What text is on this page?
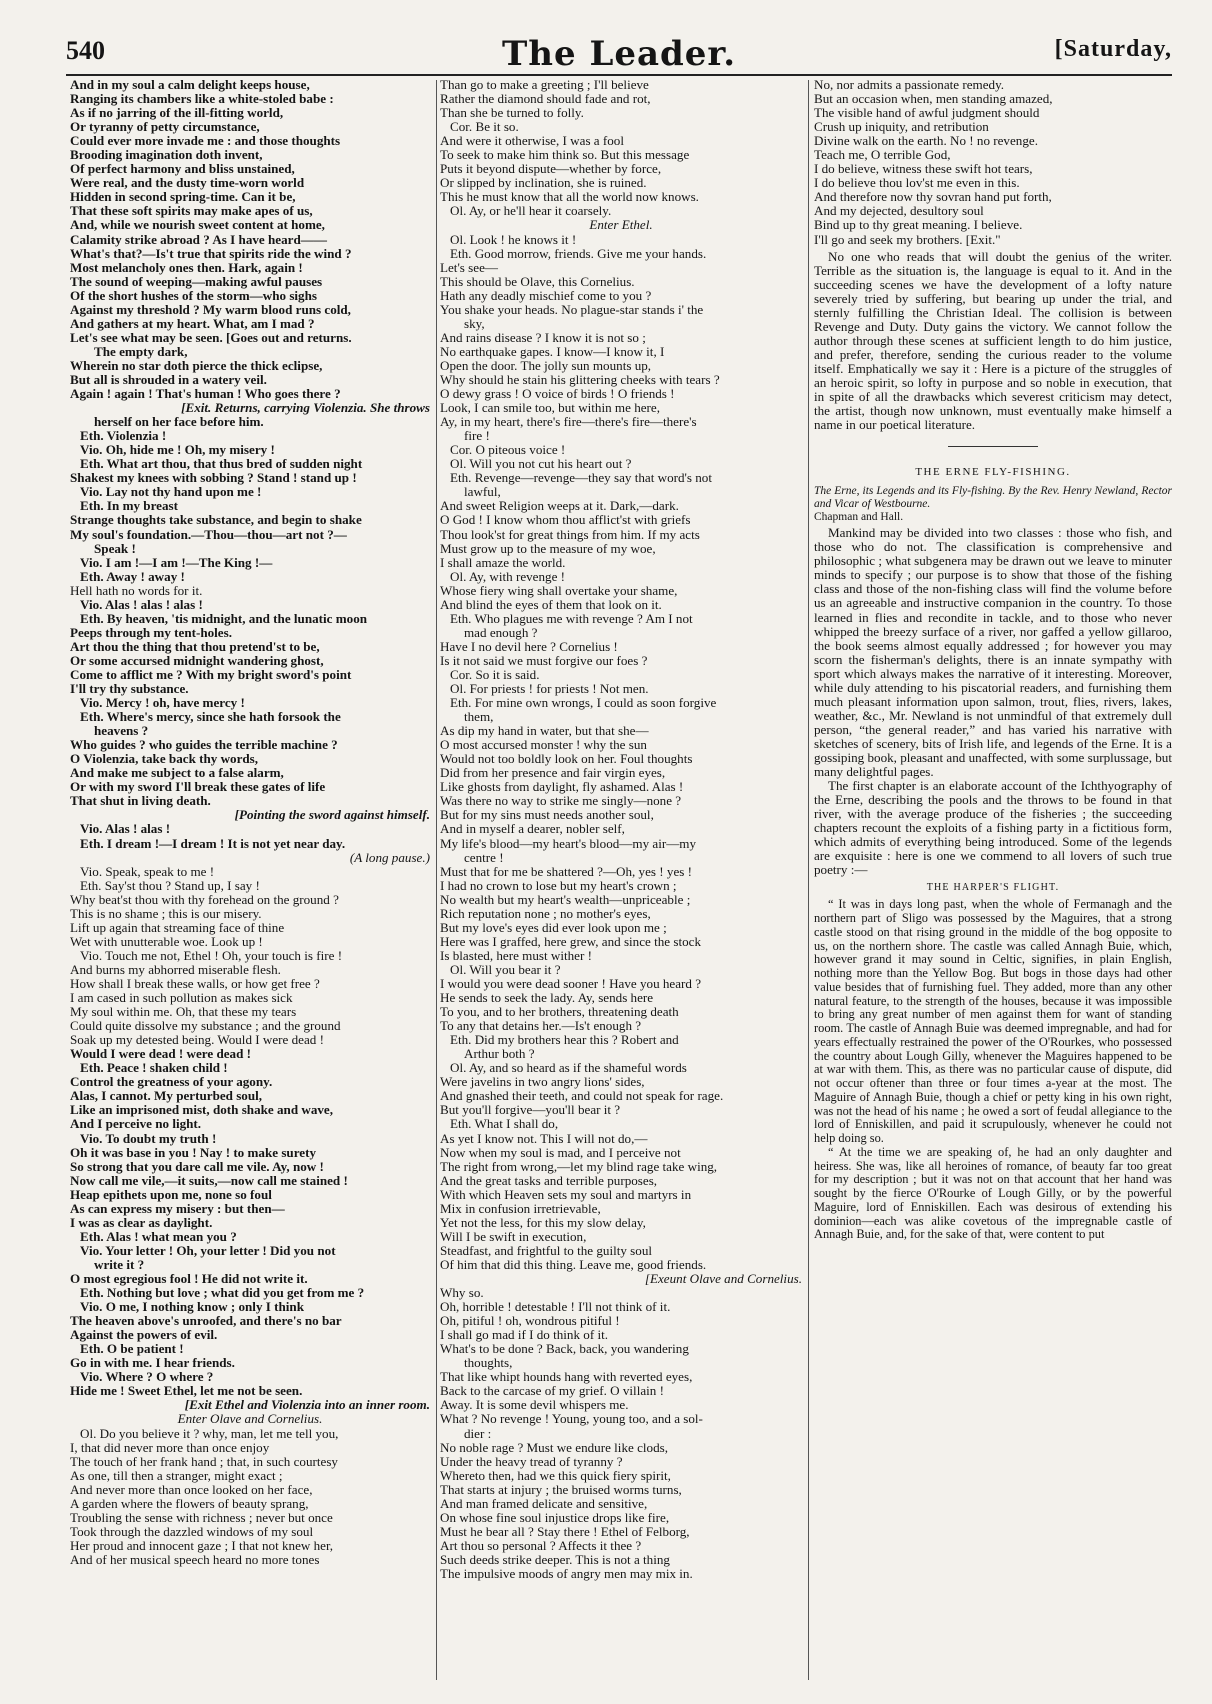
540	The Leader.	[Saturday,
And in my soul a calm delight keeps house,
Ranging its chambers like a white-stoled babe :
As if no jarring of the ill-fitting world,
Or tyranny of petty circumstance,
Could ever more invade me : and those thoughts
Brooding imagination doth invent,
Of perfect harmony and bliss unstained,
Were real, and the dusty time-worn world
Hidden in second spring-time. Can it be,
That these soft spirits may make apes of us,
And, while we nourish sweet content at home,
Calamity strike abroad ? As I have heard——
What's that?—Is't true that spirits ride the wind ?
Most melancholy ones then. Hark, again !
The sound of weeping—making awful pauses
Of the short hushes of the storm—who sighs
Against my threshold ? My warm blood runs cold,
And gathers at my heart. What, am I mad ?
Let's see what may be seen. [Goes out and returns.
The empty dark,
Wherein no star doth pierce the thick eclipse,
But all is shrouded in a watery veil.
Again ! again ! That's human ! Who goes there ?
[Exit. Returns, carrying Violenzia. She throws
herself on her face before him.
Eth. Violenzia !
Vio. Oh, hide me ! Oh, my misery !
Eth. What art thou, that thus bred of sudden night
Shakest my knees with sobbing ? Stand ! stand up !
Vio. Lay not thy hand upon me !
Eth. In my breast
Strange thoughts take substance, and begin to shake
My soul's foundation.—Thou—thou—art not ?—
Speak !
Vio. I am !—I am !—The King !—
Eth. Away ! away !
Hell hath no words for it.
Vio. Alas ! alas ! alas !
Eth. By heaven, 'tis midnight, and the lunatic moon
Peeps through my tent-holes.
Art thou the thing that thou pretend'st to be,
Or some accursed midnight wandering ghost,
Come to afflict me ? With my bright sword's point
I'll try thy substance.
Vio. Mercy ! oh, have mercy !
Eth. Where's mercy, since she hath forsook the
heavens ?
Who guides ? who guides the terrible machine ?
O Violenzia, take back thy words,
And make me subject to a false alarm,
Or with my sword I'll break these gates of life
That shut in living death.
[Pointing the sword against himself.
Vio. Alas ! alas !
Eth. I dream !—I dream ! It is not yet near day.
(A long pause.)
Vio. Speak, speak to me !
Eth. Say'st thou ? Stand up, I say !
Why beat'st thou with thy forehead on the ground ?
This is no shame ; this is our misery.
Lift up again that streaming face of thine
Wet with unutterable woe. Look up !
Vio. Touch me not, Ethel ! Oh, your touch is fire !
And burns my abhorred miserable flesh.
How shall I break these walls, or how get free ?
I am cased in such pollution as makes sick
My soul within me. Oh, that these my tears
Could quite dissolve my substance ; and the ground
Soak up my detested being. Would I were dead !
Would I were dead ! were dead !
Eth. Peace ! shaken child !
Control the greatness of your agony.
Alas, I cannot. My perturbed soul,
Like an imprisoned mist, doth shake and wave,
And I perceive no light.
Vio. To doubt my truth !
Oh it was base in you ! Nay ! to make surety
So strong that you dare call me vile. Ay, now !
Now call me vile,—it suits,—now call me stained !
Heap epithets upon me, none so foul
As can express my misery : but then—
I was as clear as daylight.
Eth. Alas ! what mean you ?
Vio. Your letter ! Oh, your letter ! Did you not
write it ?
O most egregious fool ! He did not write it.
Eth. Nothing but love ; what did you get from me ?
Vio. O me, I nothing know ; only I think
The heaven above's unroofed, and there's no bar
Against the powers of evil.
Eth. O be patient !
Go in with me. I hear friends.
Vio. Where ? O where ?
Hide me ! Sweet Ethel, let me not be seen.
[Exit Ethel and Violenzia into an inner room.
Enter Olave and Cornelius.
Ol. Do you believe it ? why, man, let me tell you,
I, that did never more than once enjoy
The touch of her frank hand ; that, in such courtesy
As one, till then a stranger, might exact ;
And never more than once looked on her face,
A garden where the flowers of beauty sprang,
Troubling the sense with richness ; never but once
Took through the dazzled windows of my soul
Her proud and innocent gaze ; I that not knew her,
And of her musical speech heard no more tones
Than go to make a greeting ; I'll believe
Rather the diamond should fade and rot,
Than she be turned to folly.
Cor. Be it so.
And were it otherwise, I was a fool
To seek to make him think so. But this message
Puts it beyond dispute—whether by force,
Or slipped by inclination, she is ruined.
This he must know that all the world now knows.
Ol. Ay, or he'll hear it coarsely.
Enter Ethel.
Ol. Look ! he knows it !
Eth. Good morrow, friends. Give me your hands.
Let's see—
This should be Olave, this Cornelius.
Hath any deadly mischief come to you ?
You shake your heads. No plague-star stands i' the
sky,
And rains disease ? I know it is not so ;
No earthquake gapes. I know—I know it, I
Open the door. The jolly sun mounts up,
Why should he stain his glittering cheeks with tears ?
O dewy grass ! O voice of birds ! O friends !
Look, I can smile too, but within me here,
Ay, in my heart, there's fire—there's fire—there's
fire !
Cor. O piteous voice !
Ol. Will you not cut his heart out ?
Eth. Revenge—revenge—they say that word's not
lawful,
And sweet Religion weeps at it. Dark,—dark.
O God ! I know whom thou afflict'st with griefs
Thou look'st for great things from him. If my acts
Must grow up to the measure of my woe,
I shall amaze the world.
Ol. Ay, with revenge !
Whose fiery wing shall overtake your shame,
And blind the eyes of them that look on it.
Eth. Who plagues me with revenge ? Am I not
mad enough ?
Have I no devil here ? Cornelius !
Is it not said we must forgive our foes ?
Cor. So it is said.
Ol. For priests ! for priests ! Not men.
Eth. For mine own wrongs, I could as soon forgive
them,
As dip my hand in water, but that she—
O most accursed monster ! why the sun
Would not too boldly look on her. Foul thoughts
Did from her presence and fair virgin eyes,
Like ghosts from daylight, fly ashamed. Alas !
Was there no way to strike me singly—none ?
But for my sins must needs another soul,
And in myself a dearer, nobler self,
My life's blood—my heart's blood—my air—my
centre !
Must that for me be shattered ?—Oh, yes ! yes !
I had no crown to lose but my heart's crown ;
No wealth but my heart's wealth—unpriceable ;
Rich reputation none ; no mother's eyes,
But my love's eyes did ever look upon me ;
Here was I graffed, here grew, and since the stock
Is blasted, here must wither !
Ol. Will you bear it ?
I would you were dead sooner ! Have you heard ?
He sends to seek the lady. Ay, sends here
To you, and to her brothers, threatening death
To any that detains her.—Is't enough ?
Eth. Did my brothers hear this ? Robert and
Arthur both ?
Ol. Ay, and so heard as if the shameful words
Were javelins in two angry lions' sides,
And gnashed their teeth, and could not speak for rage.
But you'll forgive—you'll bear it ?
Eth. What I shall do,
As yet I know not. This I will not do,—
Now when my soul is mad, and I perceive not
The right from wrong,—let my blind rage take wing,
And the great tasks and terrible purposes,
With which Heaven sets my soul and martyrs in
Mix in confusion irretrievable,
Yet not the less, for this my slow delay,
Will I be swift in execution,
Steadfast, and frightful to the guilty soul
Of him that did this thing. Leave me, good friends.
[Exeunt Olave and Cornelius.
Why so.
Oh, horrible ! detestable ! I'll not think of it.
Oh, pitiful ! oh, wondrous pitiful !
I shall go mad if I do think of it.
What's to be done ? Back, back, you wandering
thoughts,
That like whipt hounds hang with reverted eyes,
Back to the carcase of my grief. O villain !
Away. It is some devil whispers me.
What ? No revenge ! Young, young too, and a sol-
dier :
No noble rage ? Must we endure like clods,
Under the heavy tread of tyranny ?
Whereto then, had we this quick fiery spirit,
That starts at injury ; the bruised worms turns,
And man framed delicate and sensitive,
On whose fine soul injustice drops like fire,
Must he bear all ? Stay there ! Ethel of Felborg,
Art thou so personal ? Affects it thee ?
Such deeds strike deeper. This is not a thing
The impulsive moods of angry men may mix in.
No, nor admits a passionate remedy.
But an occasion when, men standing amazed,
The visible hand of awful judgment should
Crush up iniquity, and retribution
Divine walk on the earth. No ! no revenge.
Teach me, O terrible God,
I do believe, witness these swift hot tears,
I do believe thou lov'st me even in this.
And therefore now thy sovran hand put forth,
And my dejected, desultory soul
Bind up to thy great meaning. I believe.
I'll go and seek my brothers. [Exit."
No one who reads that will doubt the genius of the writer. Terrible as the situation is, the language is equal to it. And in the succeeding scenes we have the development of a lofty nature severely tried by suffering, but bearing up under the trial, and sternly fulfilling the Christian Ideal. The collision is between Revenge and Duty. Duty gains the victory. We cannot follow the author through these scenes at sufficient length to do him justice, and prefer, therefore, sending the curious reader to the volume itself. Emphatically we say it : Here is a picture of the struggles of an heroic spirit, so lofty in purpose and so noble in execution, that in spite of all the drawbacks which severest criticism may detect, the artist, though now unknown, must eventually make himself a name in our poetical literature.
THE ERNE FLY-FISHING.
The Erne, its Legends and its Fly-fishing. By the Rev. Henry Newland, Rector and Vicar of Westbourne.
Chapman and Hall.
Mankind may be divided into two classes : those who fish, and those who do not. The classification is comprehensive and philosophic ; what subgenera may be drawn out we leave to minuter minds to specify ; our purpose is to show that those of the fishing class and those of the non-fishing class will find the volume before us an agreeable and instructive companion in the country. To those learned in flies and recondite in tackle, and to those who never whipped the breezy surface of a river, nor gaffed a yellow gillaroo, the book seems almost equally addressed ; for however you may scorn the fisherman's delights, there is an innate sympathy with sport which always makes the narrative of it interesting. Moreover, while duly attending to his piscatorial readers, and furnishing them much pleasant information upon salmon, trout, flies, rivers, lakes, weather, &c., Mr. Newland is not unmindful of that extremely dull person, “the general reader,” and has varied his narrative with sketches of scenery, bits of Irish life, and legends of the Erne. It is a gossiping book, pleasant and unaffected, with some surplussage, but many delightful pages.
The first chapter is an elaborate account of the Ichthyography of the Erne, describing the pools and the throws to be found in that river, with the average produce of the fisheries ; the succeeding chapters recount the exploits of a fishing party in a fictitious form, which admits of everything being introduced. Some of the legends are exquisite : here is one we commend to all lovers of such true poetry :—
THE HARPER'S FLIGHT.
“ It was in days long past, when the whole of Fermanagh and the northern part of Sligo was possessed by the Maguires, that a strong castle stood on that rising ground in the middle of the bog opposite to us, on the northern shore. The castle was called Annagh Buie, which, however grand it may sound in Celtic, signifies, in plain English, nothing more than the Yellow Bog. But bogs in those days had other value besides that of furnishing fuel. They added, more than any other natural feature, to the strength of the houses, because it was impossible to bring any great number of men against them for want of standing room. The castle of Annagh Buie was deemed impregnable, and had for years effectually restrained the power of the O'Rourkes, who possessed the country about Lough Gilly, whenever the Maguires happened to be at war with them. This, as there was no particular cause of dispute, did not occur oftener than three or four times a-year at the most. The Maguire of Annagh Buie, though a chief or petty king in his own right, was not the head of his name ; he owed a sort of feudal allegiance to the lord of Enniskillen, and paid it scrupulously, whenever he could not help doing so.
“ At the time we are speaking of, he had an only daughter and heiress. She was, like all heroines of romance, of beauty far too great for my description ; but it was not on that account that her hand was sought by the fierce O'Rourke of Lough Gilly, or by the powerful Maguire, lord of Enniskillen. Each was desirous of extending his dominion—each was alike covetous of the impregnable castle of Annagh Buie, and, for the sake of that, were content to put
